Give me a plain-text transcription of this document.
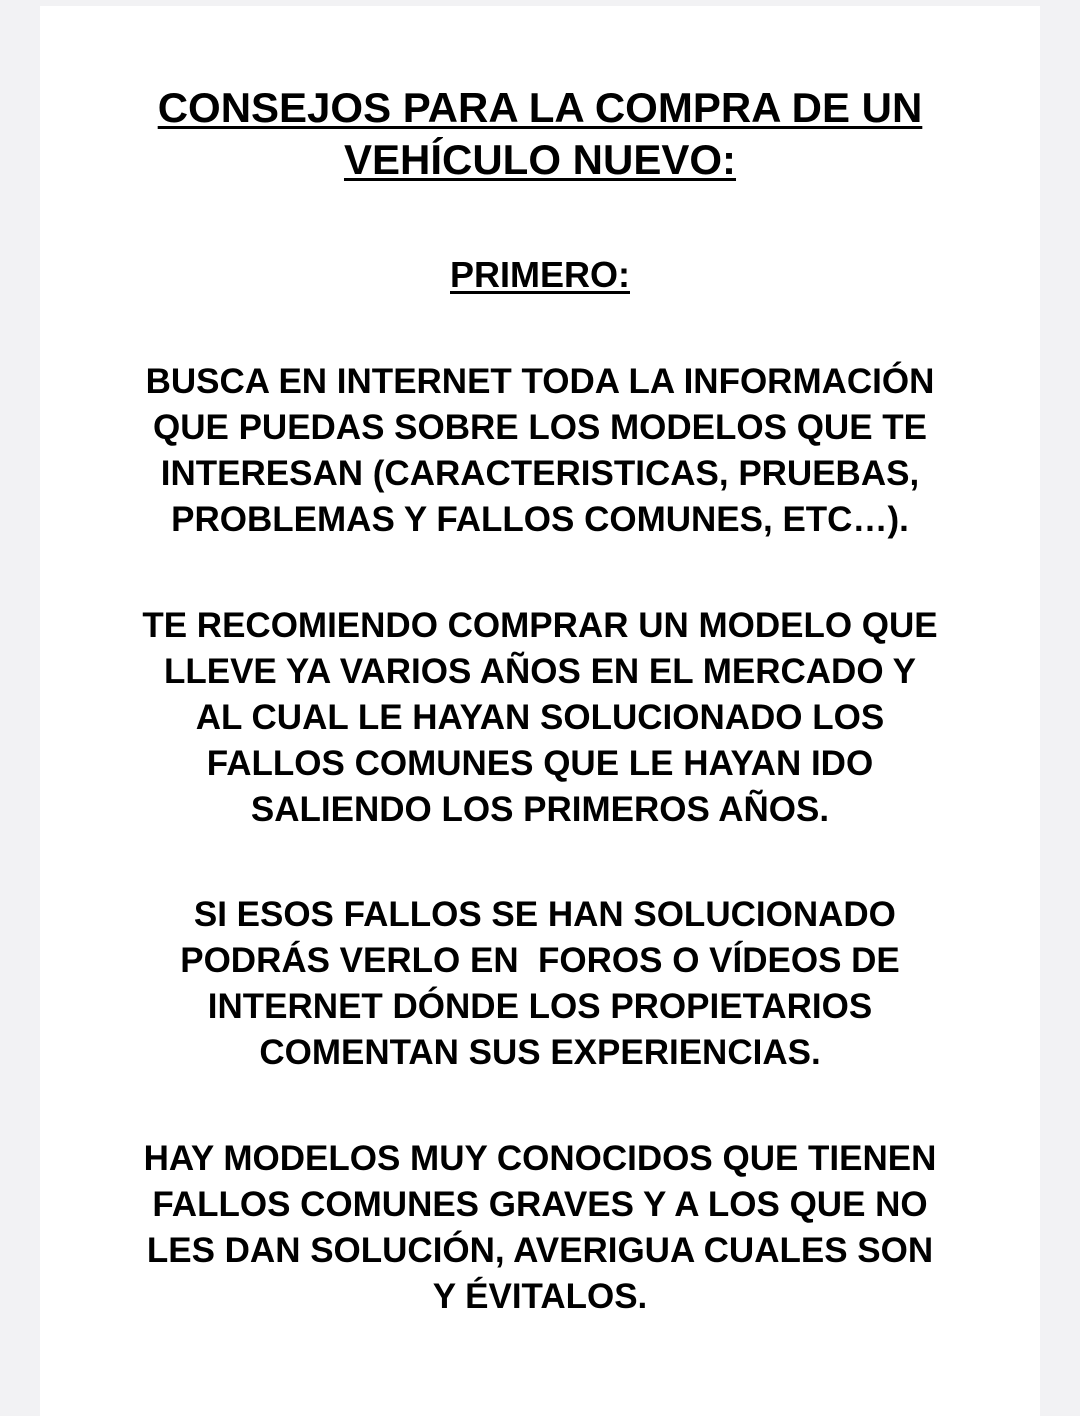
CONSEJOS PARA LA COMPRA DE UN
VEHÍCULO NUEVO:
PRIMERO:

BUSCA EN INTERNET TODA LA INFORMACIÓN
QUE PUEDAS SOBRE LOS MODELOS QUE TE
INTERESAN (CARACTERISTICAS, PRUEBAS,
PROBLEMAS Y FALLOS COMUNES, ETC…).

TE RECOMIENDO COMPRAR UN MODELO QUE
LLEVE YA VARIOS AÑOS EN EL MERCADO Y
AL CUAL LE HAYAN SOLUCIONADO LOS
FALLOS COMUNES QUE LE HAYAN IDO
SALIENDO LOS PRIMEROS AÑOS.

SI ESOS FALLOS SE HAN SOLUCIONADO
PODRÁS VERLO EN  FOROS O VÍDEOS DE
INTERNET DÓNDE LOS PROPIETARIOS
COMENTAN SUS EXPERIENCIAS.

HAY MODELOS MUY CONOCIDOS QUE TIENEN
FALLOS COMUNES GRAVES Y A LOS QUE NO
LES DAN SOLUCIÓN, AVERIGUA CUALES SON
Y ÉVITALOS.
